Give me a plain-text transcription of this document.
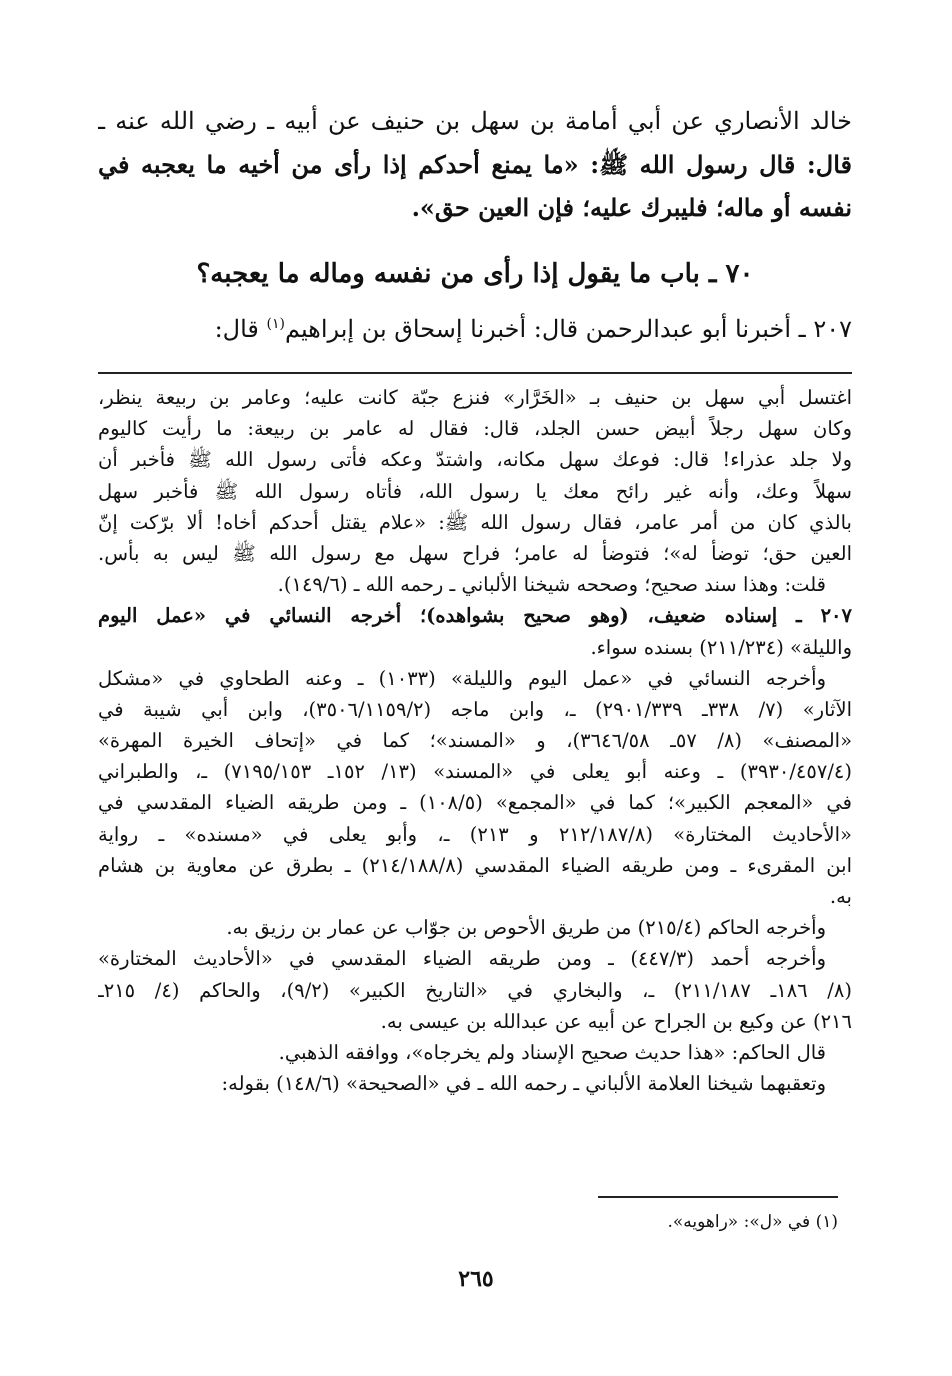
خالد الأنصاري عن أبي أمامة بن سهل بن حنيف عن أبيه ـ رضي الله عنه ـ
قال: قال رسول الله ﷺ: «ما يمنع أحدكم إذا رأى من أخيه ما يعجبه في
نفسه أو ماله؛ فليبرك عليه؛ فإن العين حق».
٧٠ ـ باب ما يقول إذا رأى من نفسه وماله ما يعجبه؟
٢٠٧ ـ أخبرنا أبو عبدالرحمن قال: أخبرنا إسحاق بن إبراهيم$^{(١)}$ قال:
اغتسل أبي سهل بن حنيف بـ «الخَرَّار» فنزع جبّة كانت عليه؛ وعامر بن ربيعة ينظر،
وكان سهل رجلاً أبيض حسن الجلد، قال: فقال له عامر بن ربيعة: ما رأيت كاليوم
ولا جلد عذراء! قال: فوعك سهل مكانه، واشتدّ وعكه فأتى رسول الله ﷺ فأخبر أن
سهلاً وعك، وأنه غير رائح معك يا رسول الله، فأتاه رسول الله ﷺ فأخبر سهل
بالذي كان من أمر عامر، فقال رسول الله ﷺ: «علام يقتل أحدكم أخاه! ألا برّكت إنّ
العين حق؛ توضأ له»؛ فتوضأ له عامر؛ فراح سهل مع رسول الله ﷺ ليس به بأس.
قلت: وهذا سند صحيح؛ وصححه شيخنا الألباني ـ رحمه الله ـ (١٤٩/٦).
٢٠٧ ـ إسناده ضعيف، (وهو صحيح بشواهده)؛ أخرجه النسائي في «عمل اليوم
والليلة» (٢١١/٢٣٤) بسنده سواء.
وأخرجه النسائي في «عمل اليوم والليلة» (١٠٣٣) ـ وعنه الطحاوي في «مشكل
الآثار» (٧/ ٣٣٨ـ ٢٩٠١/٣٣٩) ـ، وابن ماجه (٣٥٠٦/١١٥٩/٢)، وابن أبي شيبة في
«المصنف» (٨/ ٥٧ـ ٣٦٤٦/٥٨)، و «المسند»؛ كما في «إتحاف الخيرة المهرة»
(٣٩٣٠/٤٥٧/٤) ـ وعنه أبو يعلى في «المسند» (١٣/ ١٥٢ـ ٧١٩٥/١٥٣) ـ، والطبراني
في «المعجم الكبير»؛ كما في «المجمع» (١٠٨/٥) ـ ومن طريقه الضياء المقدسي في
«الأحاديث المختارة» (٢١٢/١٨٧/٨ و ٢١٣) ـ، وأبو يعلى في «مسنده» ـ رواية
ابن المقرىء ـ ومن طريقه الضياء المقدسي (٢١٤/١٨٨/٨) ـ بطرق عن معاوية بن هشام
به.
وأخرجه الحاكم (٢١٥/٤) من طريق الأحوص بن جوّاب عن عمار بن رزيق به.
وأخرجه أحمد (٤٤٧/٣) ـ ومن طريقه الضياء المقدسي في «الأحاديث المختارة»
(٨/ ١٨٦ـ ٢١١/١٨٧) ـ، والبخاري في «التاريخ الكبير» (٩/٢)، والحاكم (٤/ ٢١٥ـ
٢١٦) عن وكيع بن الجراح عن أبيه عن عبدالله بن عيسى به.
قال الحاكم: «هذا حديث صحيح الإسناد ولم يخرجاه»، ووافقه الذهبي.
وتعقبهما شيخنا العلامة الألباني ـ رحمه الله ـ في «الصحيحة» (١٤٨/٦) بقوله:
(١) في «ل»: «راهويه».
٢٦٥
